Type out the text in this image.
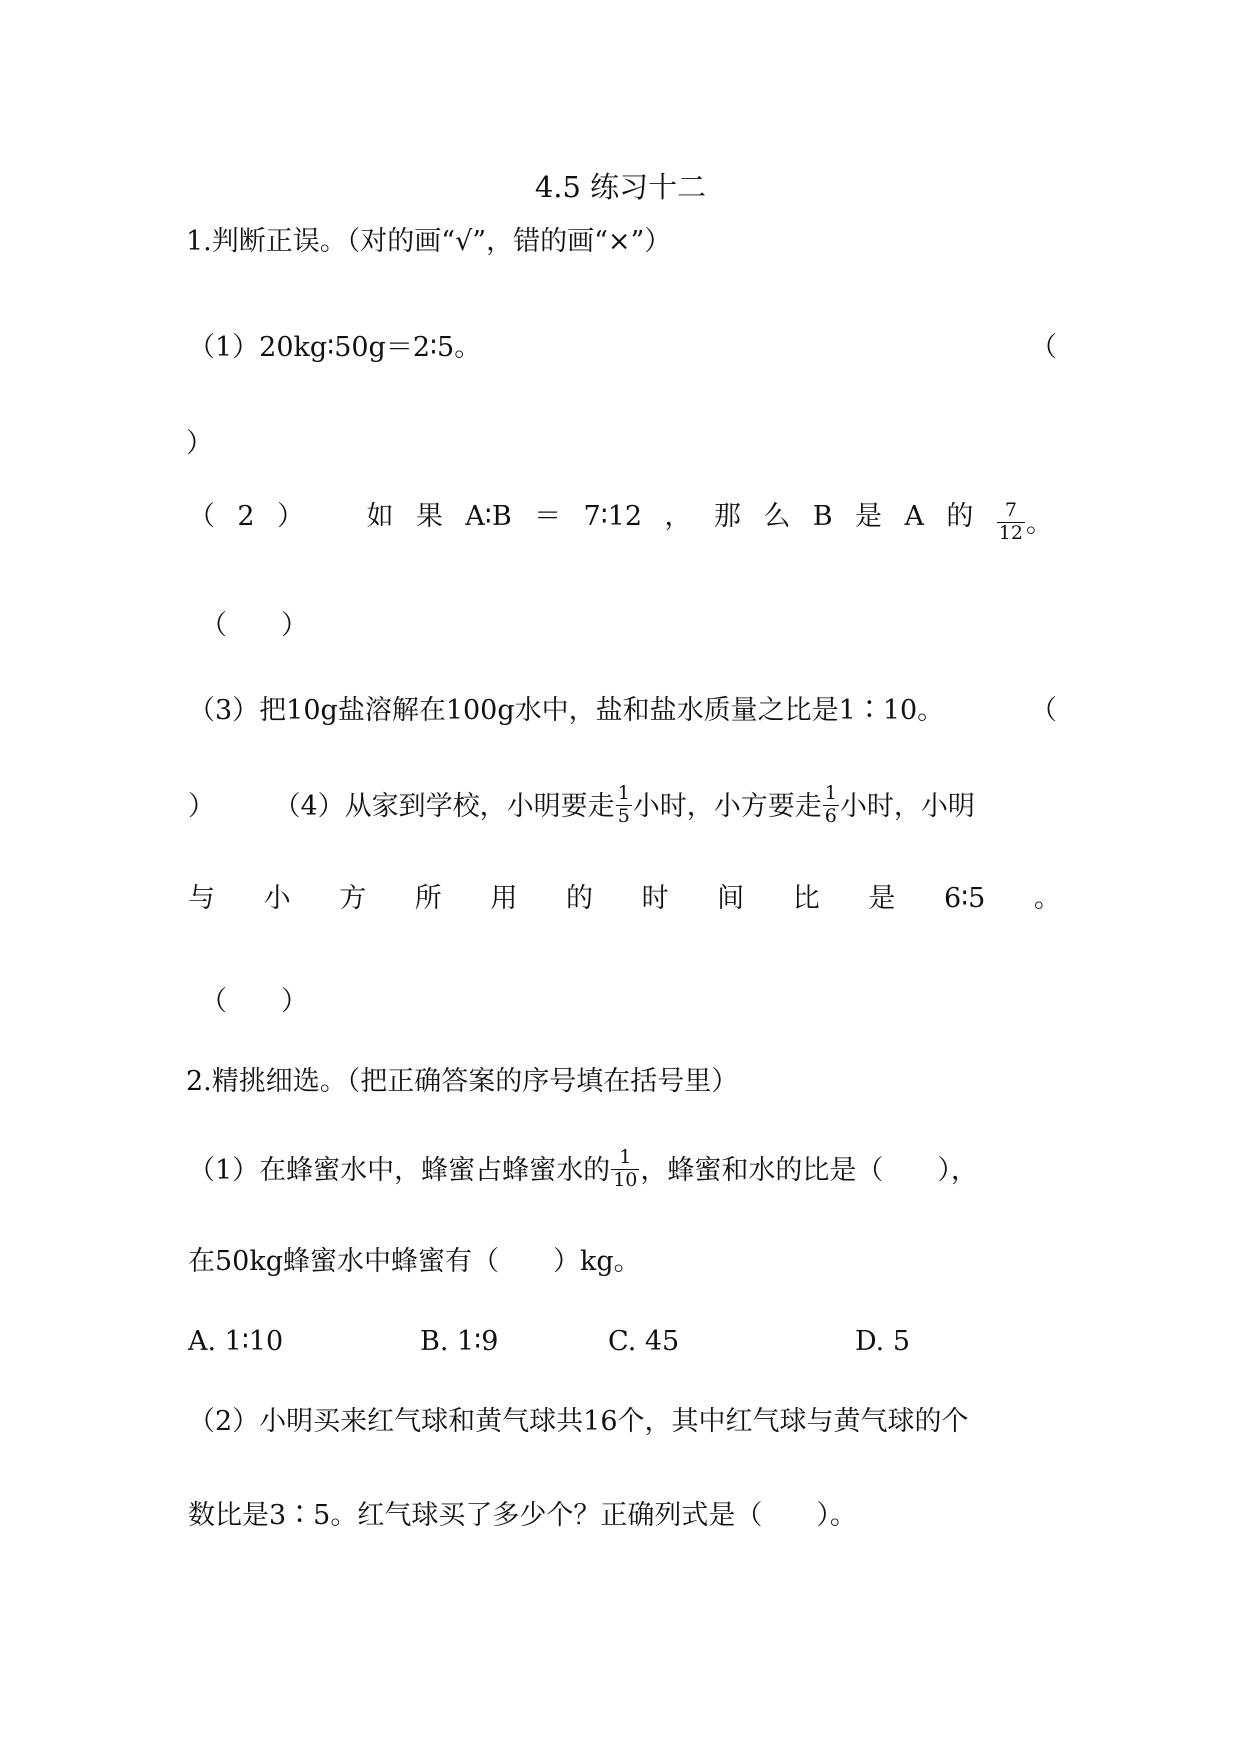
4.5 练习十二
1.判断正误。（对的画“√”，错的画“×”）
（1）20kg∶50g＝2∶5。	（
）
（ 2 ） 如 果 A∶B ＝ 7∶12 ， 那 么 B 是 A 的 $\frac{7}{12}$ 。
（　　）
（3）把10g盐溶解在100g水中，盐和盐水质量之比是1∶10。	（
）	（4）从家到学校，小明要走 $\frac{1}{5}$ 小时，小方要走 $\frac{1}{6}$ 小时，小明
与 小 方 所 用 的 时 间 比 是 6∶5 。
（　　）
2.精挑细选。（把正确答案的序号填在括号里）
（1）在蜂蜜水中，蜂蜜占蜂蜜水的 $\frac{1}{10}$ ，蜂蜜和水的比是（　　），
在50kg蜂蜜水中蜂蜜有（　　）kg。
A. 1∶10	B. 1∶9	C. 45	D. 5
（2）小明买来红气球和黄气球共16个，其中红气球与黄气球的个
数比是3∶5。红气球买了多少个？正确列式是（　　）。
